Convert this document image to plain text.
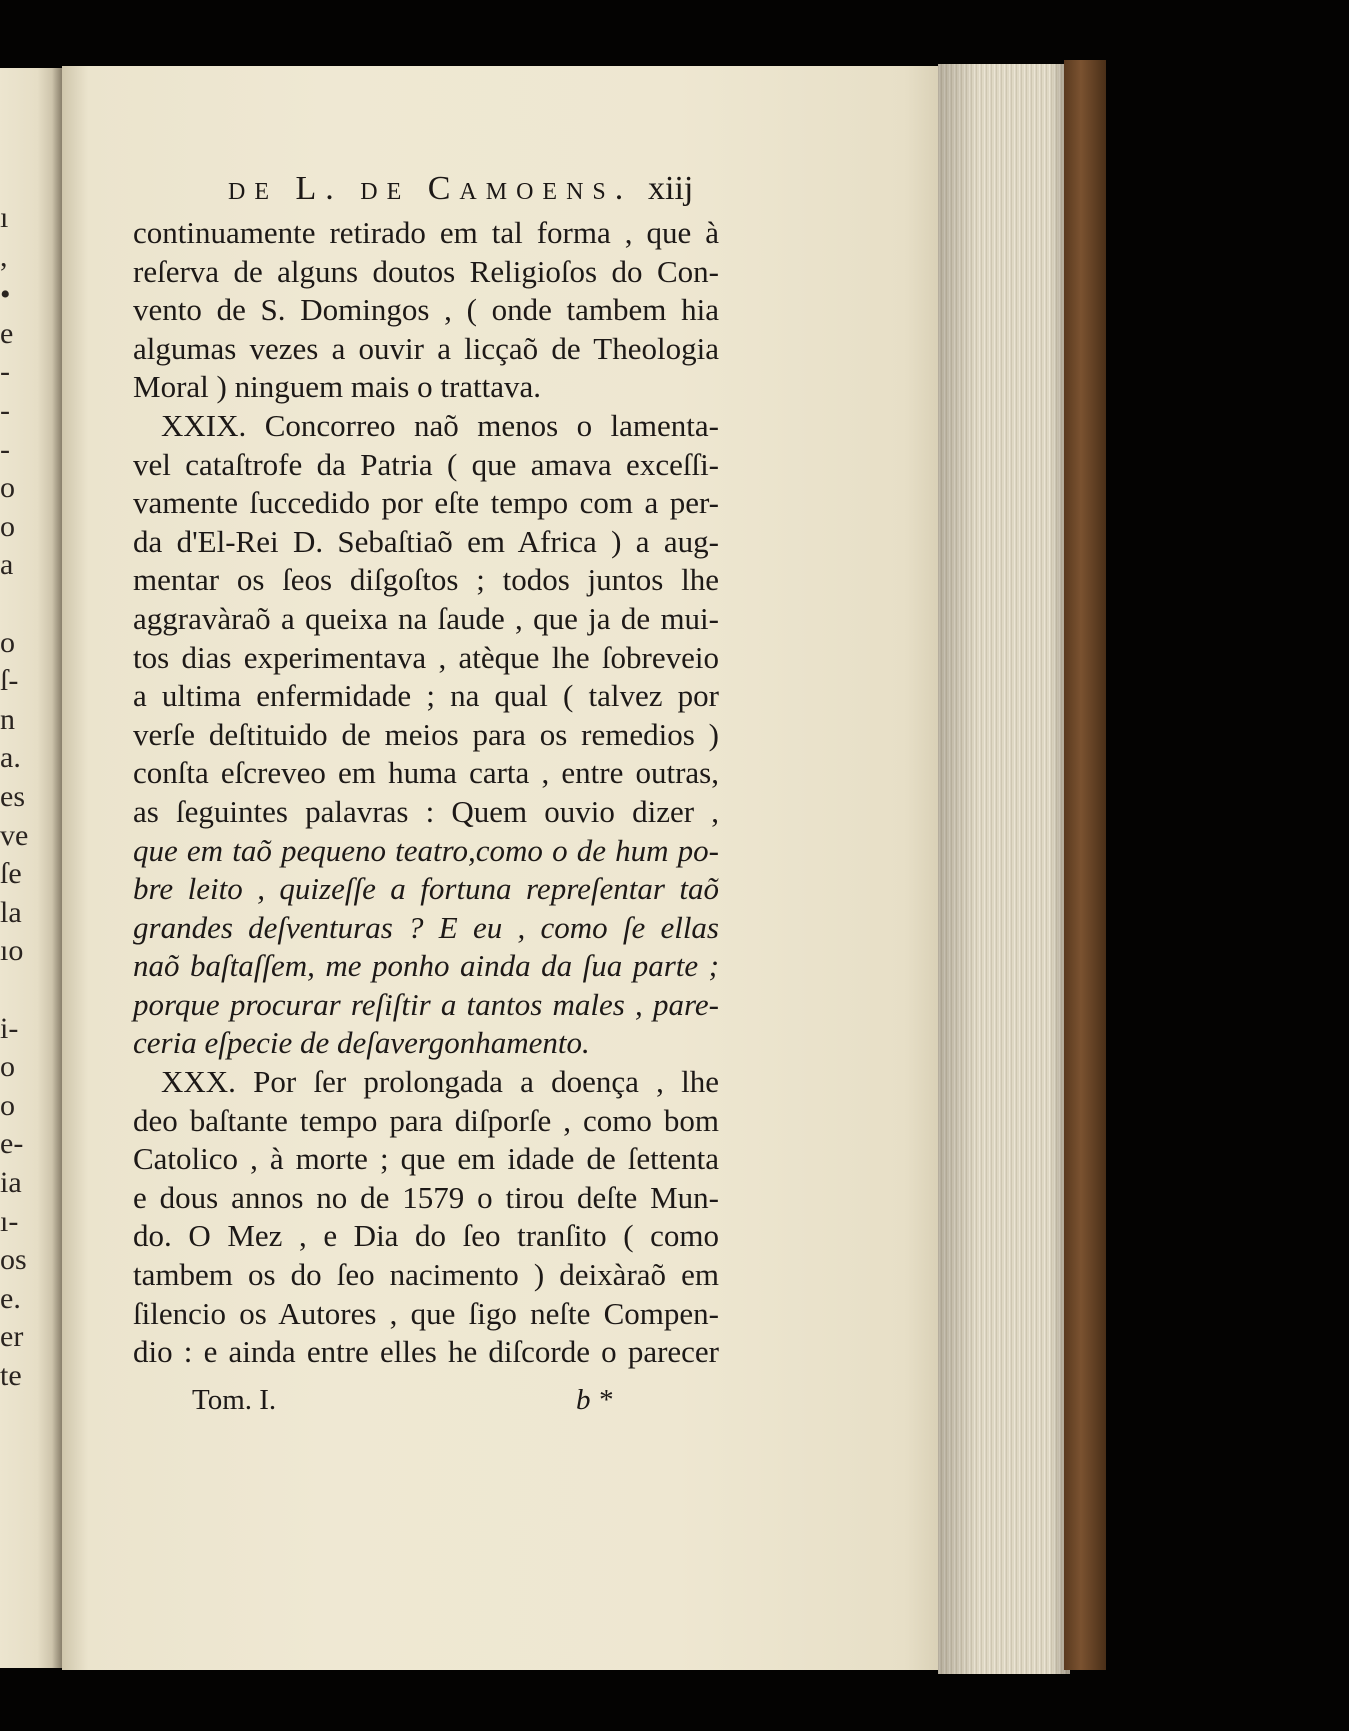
ı
,
•
e
-
-
-
o
o
a
o
ſ-
n
a.
es
ve
ſe
la
ıo
i-
o
o
e-
ia
ı-
os
e.
er
te
de L. de Camoens. xiij
continuamente retirado em tal forma , que à
reſerva de alguns doutos Religioſos do Con-
vento de S. Domingos , ( onde tambem hia
algumas vezes a ouvir a licçaõ de Theologia
Moral ) ninguem mais o trattava.
XXIX. Concorreo naõ menos o lamenta-
vel cataſtrofe da Patria ( que amava exceſſi-
vamente ſuccedido por eſte tempo com a per-
da d'El-Rei D. Sebaſtiaõ em Africa ) a aug-
mentar os ſeos diſgoſtos ; todos juntos lhe
aggravàraõ a queixa na ſaude , que ja de mui-
tos dias experimentava , atèque lhe ſobreveio
a ultima enfermidade ; na qual ( talvez por
verſe deſtituido de meios para os remedios )
conſta eſcreveo em huma carta , entre outras,
as ſeguintes palavras : Quem ouvio dizer ,
que em taõ pequeno teatro,como o de hum po-
bre leito , quizeſſe a fortuna repreſentar taõ
grandes deſventuras ? E eu , como ſe ellas
naõ baſtaſſem, me ponho ainda da ſua parte ;
porque procurar reſiſtir a tantos males , pare-
ceria eſpecie de deſavergonhamento.
XXX. Por ſer prolongada a doença , lhe
deo baſtante tempo para diſporſe , como bom
Catolico , à morte ; que em idade de ſettenta
e dous annos no de 1579 o tirou deſte Mun-
do. O Mez , e Dia do ſeo tranſito ( como
tambem os do ſeo nacimento ) deixàraõ em
ſilencio os Autores , que ſigo neſte Compen-
dio : e ainda entre elles he diſcorde o parecer
Tom. I.	b *
